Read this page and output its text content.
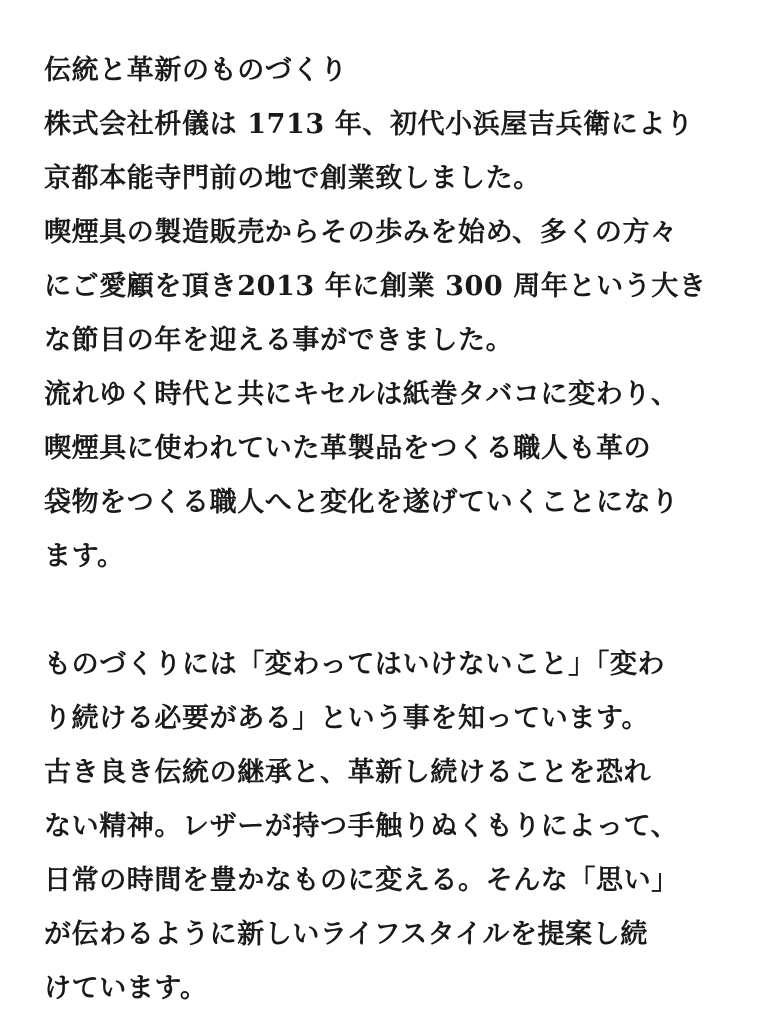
伝統と革新のものづくり
株式会社枡儀は 1713 年、初代小浜屋吉兵衛により
京都本能寺門前の地で創業致しました。
喫煙具の製造販売からその歩みを始め、多くの方々
にご愛顧を頂き2013 年に創業 300 周年という大き
な節目の年を迎える事ができました。
流れゆく時代と共にキセルは紙巻タバコに変わり、
喫煙具に使われていた革製品をつくる職人も革の
袋物をつくる職人へと変化を遂げていくことになり
ます。
ものづくりには「変わってはいけないこと」「変わ
り続ける必要がある」という事を知っています。
古き良き伝統の継承と、革新し続けることを恐れ
ない精神。レザーが持つ手触りぬくもりによって、
日常の時間を豊かなものに変える。そんな「思い」
が伝わるように新しいライフスタイルを提案し続
けています。
